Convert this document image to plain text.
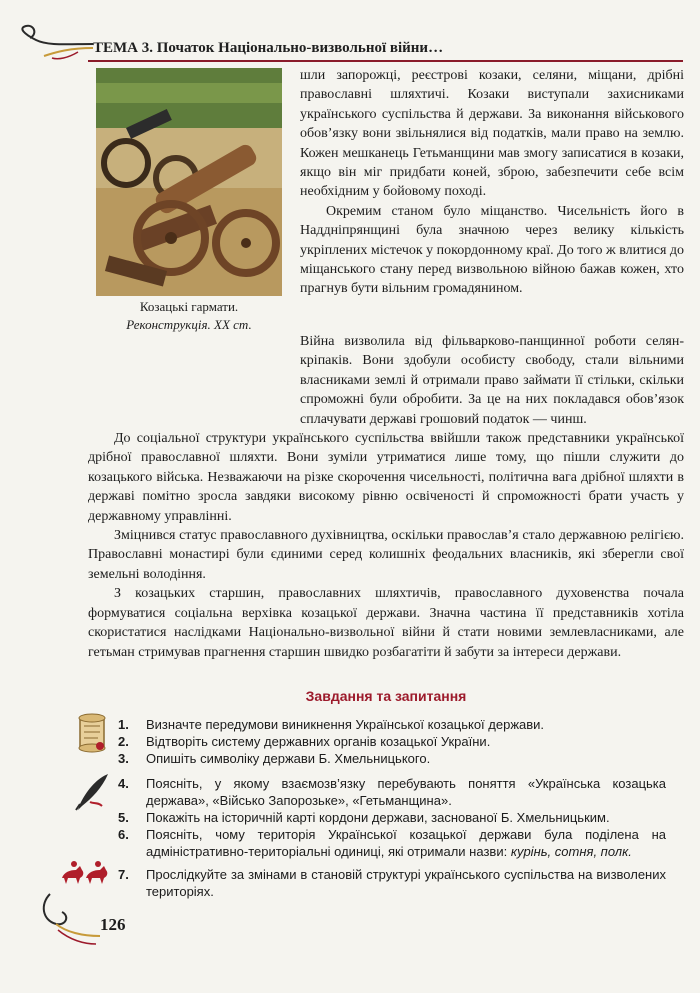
ТЕМА 3. Початок Національно-визвольної війни…
Козацькі гармати.
Реконструкція. XX ст.

шли запорожці, реєстрові козаки, селяни, міщани, дрібні православні шляхтичі. Козаки виступали захисниками українського суспільства й держави. За виконання військового обов’язку вони звільнялися від податків, мали право на землю. Кожен мешканець Гетьманщини мав змогу записатися в козаки, якщо він міг придбати коней, зброю, забезпечити себе всім необхідним у бойовому поході.

Окремим станом було міщанство. Чисельність його в Наддніпрянщині була значною через велику кількість укріплених містечок у покордонному краї. До того ж влитися до міщанського стану перед визвольною війною бажав кожен, хто прагнув бути вільним громадянином.

Війна визволила від фільварково-панщинної роботи селян-кріпаків. Вони здобули особисту свободу, стали вільними власниками землі й отримали право займати її стільки, скільки спроможні були обробити. За це на них покладався обов’язок сплачувати державі грошовий податок — чинш.

До соціальної структури українського суспільства ввійшли також представники української дрібної православної шляхти. Вони зуміли утриматися лише тому, що пішли служити до козацького війська. Незважаючи на різке скорочення чисельності, політична вага дрібної шляхти в державі помітно зросла завдяки високому рівню освіченості й спроможності брати участь у державному управлінні.

Зміцнився статус православного духівництва, оскільки православ’я стало державною релігією. Православні монастирі були єдиними серед колишніх феодальних власників, які зберегли свої земельні володіння.

З козацьких старшин, православних шляхтичів, православного духовенства почала формуватися соціальна верхівка козацької держави. Значна частина її представників хотіла скористатися наслідками Національно-визвольної війни й стати новими землевласниками, але гетьман стримував прагнення старшин швидко розбагатіти й забути за інтереси держави.

Завдання та запитання
1.	Визначте передумови виникнення Української козацької держави.
2.	Відтворіть систему державних органів козацької України.
3.	Опишіть символіку держави Б. Хмельницького.
4.	Поясніть, у якому взаємозв’язку перебувають поняття «Українська козацька держава», «Військо Запорозьке», «Гетьманщина».
5.	Покажіть на історичній карті кордони держави, заснованої Б. Хмельницьким.
6.	Поясніть, чому територія Української козацької держави була поділена на адміністративно-територіальні одиниці, які отримали назви: курінь, сотня, полк.
7.	Прослідкуйте за змінами в становій структурі українського суспільства на визволених територіях.
126
